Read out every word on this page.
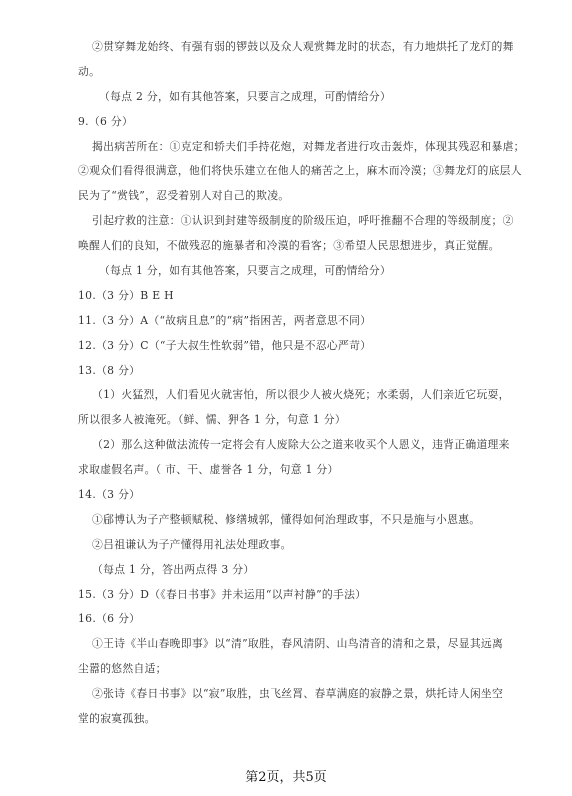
②贯穿舞龙始终、有强有弱的锣鼓以及众人观赏舞龙时的状态，有力地烘托了龙灯的舞
动。
（每点 2 分，如有其他答案，只要言之成理，可酌情给分）
9.（6 分）
揭出病苦所在：①克定和轿夫们手持花炮，对舞龙者进行攻击轰炸，体现其残忍和暴虐；
②观众们看得很满意，他们将快乐建立在他人的痛苦之上，麻木而冷漠；③舞龙灯的底层人
民为了“赏钱”，忍受着别人对自己的欺凌。
引起疗救的注意：①认识到封建等级制度的阶级压迫，呼吁推翻不合理的等级制度；②
唤醒人们的良知，不做残忍的施暴者和冷漠的看客；③希望人民思想进步，真正觉醒。
（每点 1 分，如有其他答案，只要言之成理，可酌情给分）
10.（3 分）B E H
11.（3 分）A（“故病且息”的“病”指困苦，两者意思不同）
12.（3 分）C（“子大叔生性软弱”错，他只是不忍心严苛）
13.（8 分）
（1）火猛烈，人们看见火就害怕，所以很少人被火烧死；水柔弱，人们亲近它玩耍，
所以很多人被淹死。（鲜、懦、狎各 1 分，句意 1 分）
（2）那么这种做法流传一定将会有人废除大公之道来收买个人恩义，违背正确道理来
求取虚假名声。（ 市、干、虚誉各 1 分，句意 1 分）
14.（3 分）
①郈博认为子产整顿赋税、修缮城郭，懂得如何治理政事，不只是施与小恩惠。
②吕祖谦认为子产懂得用礼法处理政事。
（每点 1 分，答出两点得 3 分）
15.（3 分）D（《春日书事》并未运用“以声衬静”的手法）
16.（6 分）
①王诗《半山春晚即事》以“清”取胜，春风清阴、山鸟清音的清和之景，尽显其远离
尘嚣的悠然自适；
②张诗《春日书事》以“寂”取胜，虫飞丝罥、春草满庭的寂静之景，烘托诗人闲坐空
堂的寂寞孤独。
第2页，共5页
